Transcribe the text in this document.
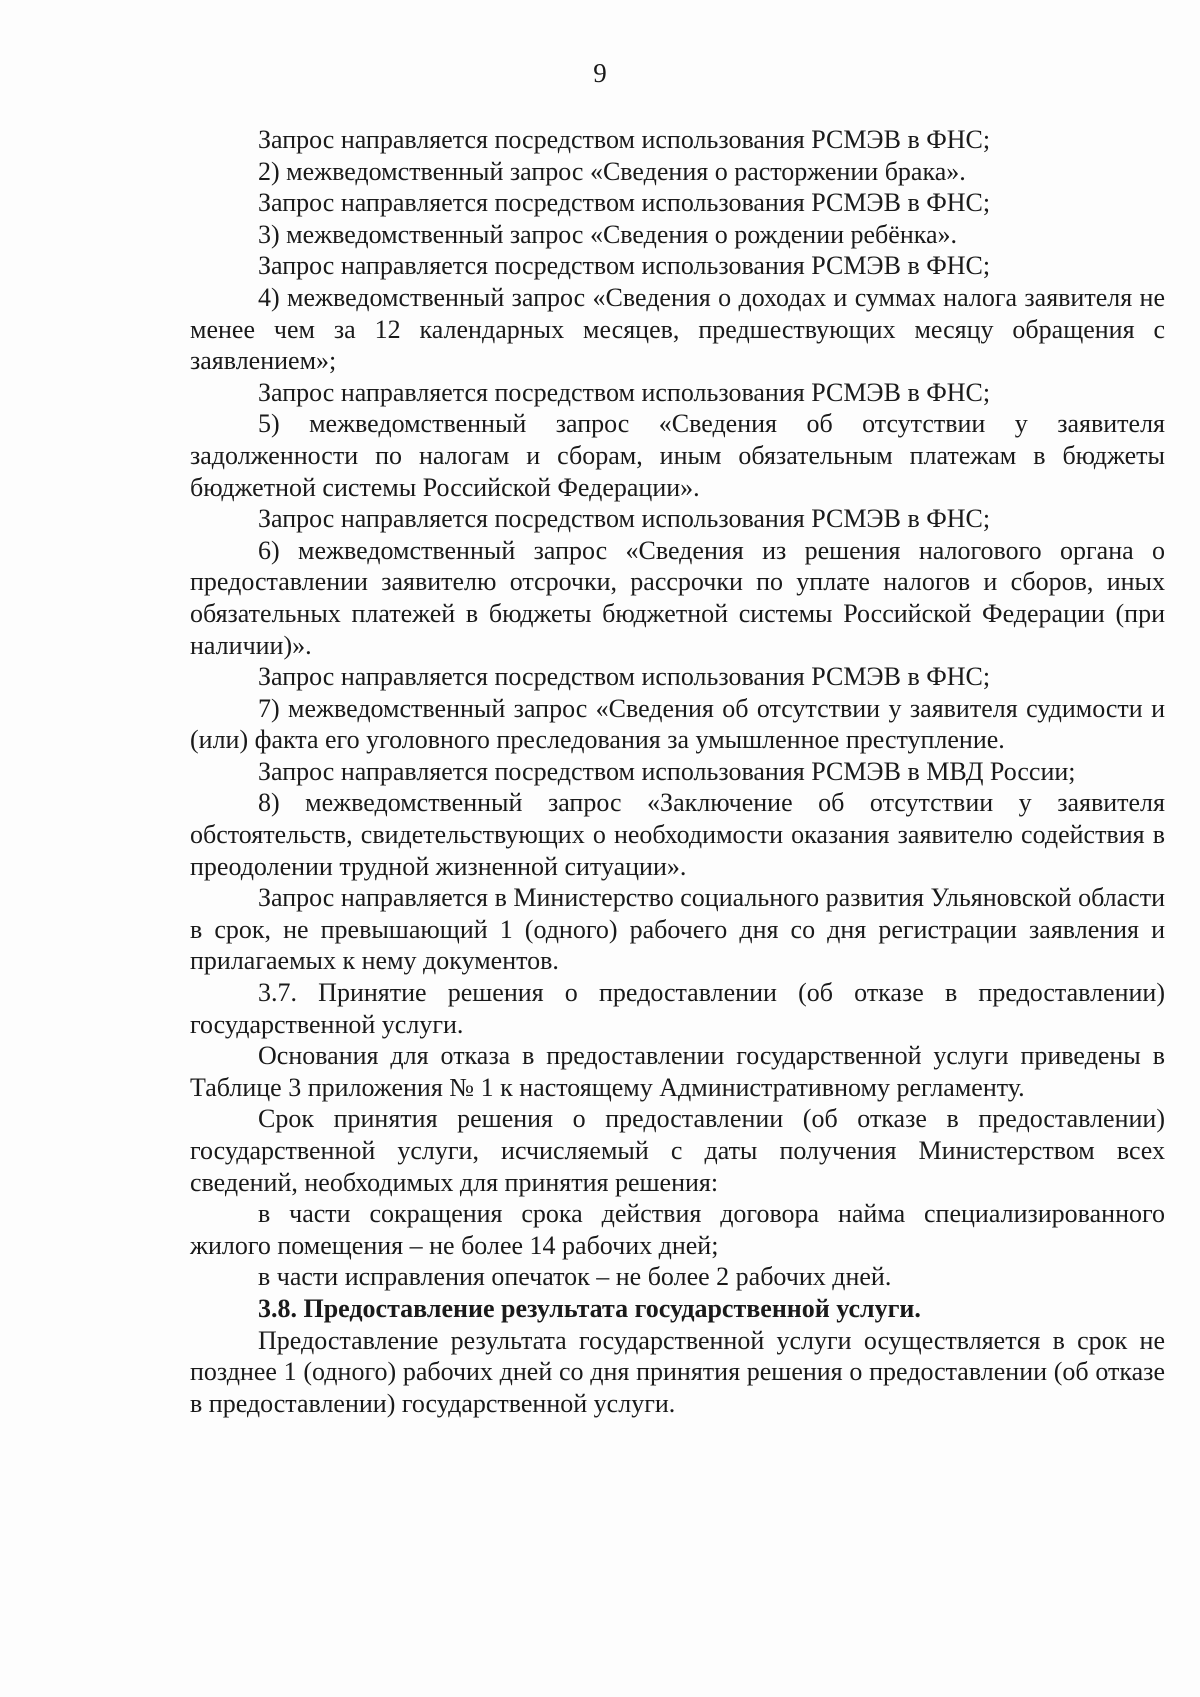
9

Запрос направляется посредством использования РСМЭВ в ФНС;

2) межведомственный запрос «Сведения о расторжении брака».

Запрос направляется посредством использования РСМЭВ в ФНС;

3) межведомственный запрос «Сведения о рождении ребёнка».

Запрос направляется посредством использования РСМЭВ в ФНС;

4) межведомственный запрос «Сведения о доходах и суммах налога заявителя не менее чем за 12 календарных месяцев, предшествующих месяцу обращения с заявлением»;

Запрос направляется посредством использования РСМЭВ в ФНС;

5) межведомственный запрос «Сведения об отсутствии у заявителя задолженности по налогам и сборам, иным обязательным платежам в бюджеты бюджетной системы Российской Федерации».

Запрос направляется посредством использования РСМЭВ в ФНС;

6) межведомственный запрос «Сведения из решения налогового органа о предоставлении заявителю отсрочки, рассрочки по уплате налогов и сборов, иных обязательных платежей в бюджеты бюджетной системы Российской Федерации (при наличии)».

Запрос направляется посредством использования РСМЭВ в ФНС;

7) межведомственный запрос «Сведения об отсутствии у заявителя судимости и (или) факта его уголовного преследования за умышленное преступление.

Запрос направляется посредством использования РСМЭВ в МВД России;

8) межведомственный запрос «Заключение об отсутствии у заявителя обстоятельств, свидетельствующих о необходимости оказания заявителю содействия в преодолении трудной жизненной ситуации».

Запрос направляется в Министерство социального развития Ульяновской области в срок, не превышающий 1 (одного) рабочего дня со дня регистрации заявления и прилагаемых к нему документов.

3.7. Принятие решения о предоставлении (об отказе в предоставлении) государственной услуги.

Основания для отказа в предоставлении государственной услуги приведены в Таблице 3 приложения № 1 к настоящему Административному регламенту.

Срок принятия решения о предоставлении (об отказе в предоставлении) государственной услуги, исчисляемый с даты получения Министерством всех сведений, необходимых для принятия решения:

в части сокращения срока действия договора найма специализированного жилого помещения – не более 14 рабочих дней;

в части исправления опечаток – не более 2 рабочих дней.

3.8. Предоставление результата государственной услуги.

Предоставление результата государственной услуги осуществляется в срок не позднее 1 (одного) рабочих дней со дня принятия решения о предоставлении (об отказе в предоставлении) государственной услуги.
